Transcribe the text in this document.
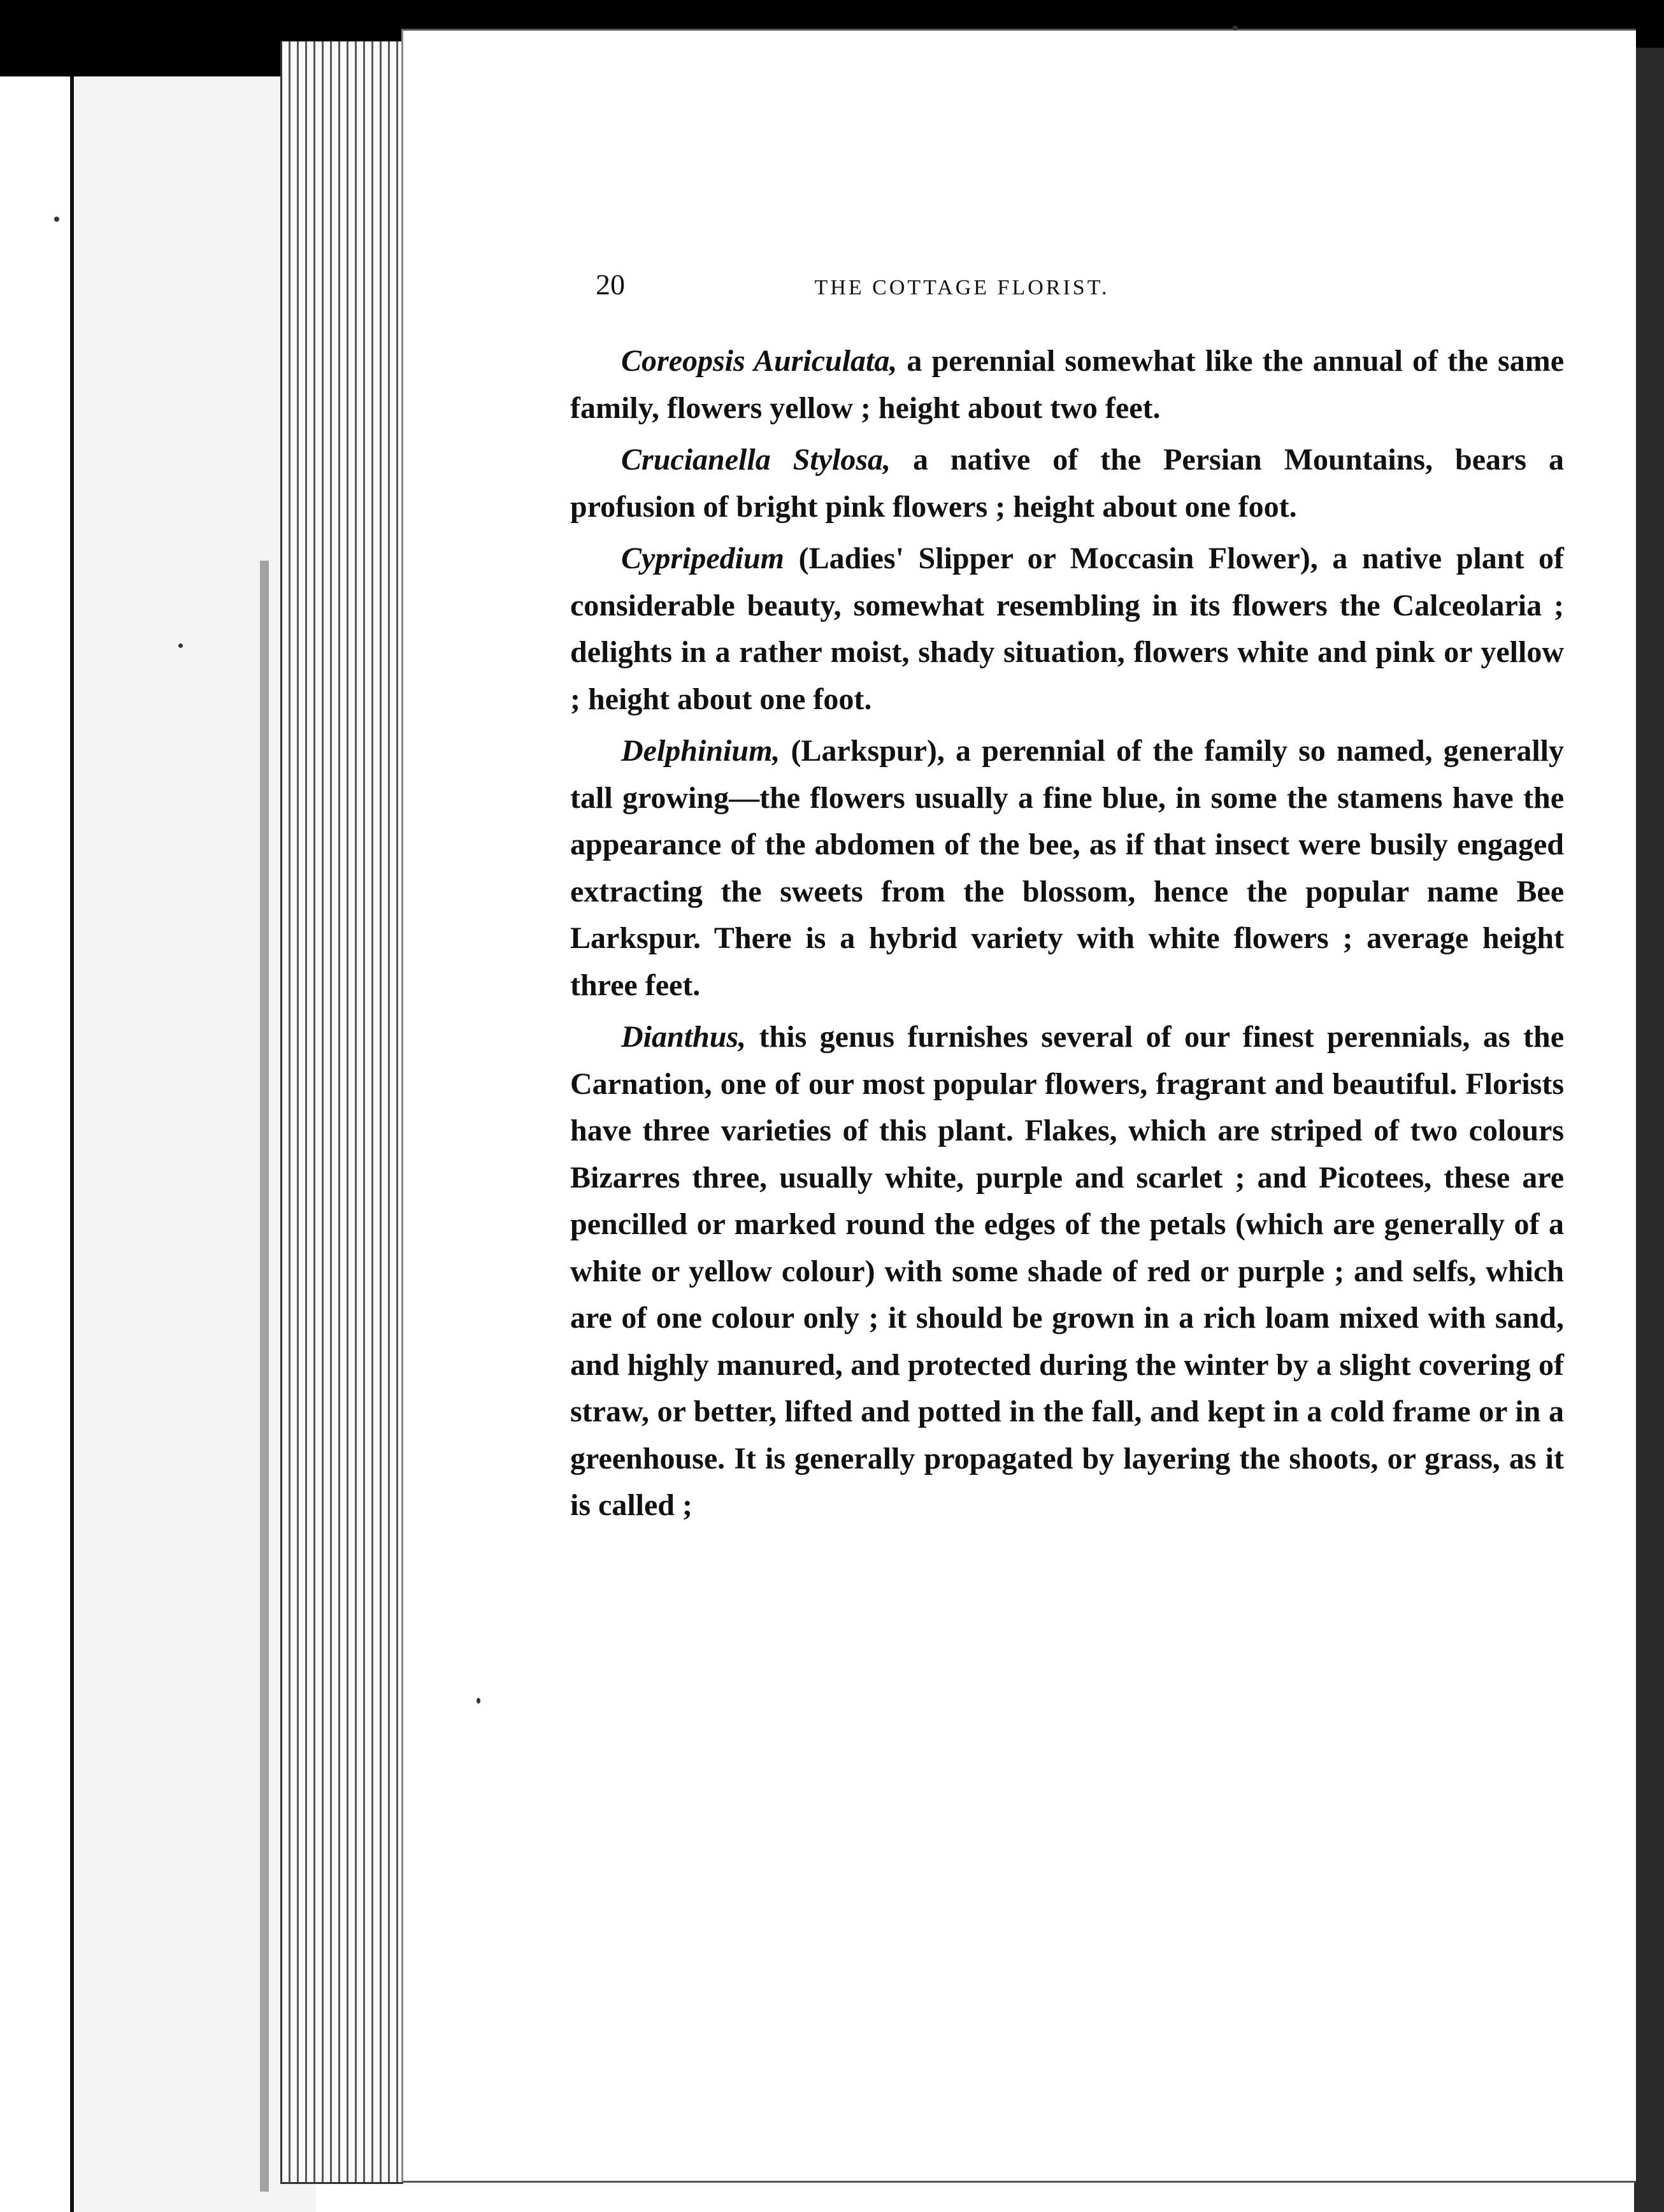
20	THE COTTAGE FLORIST.

Coreopsis Auriculata, a perennial somewhat like the annual of the same family, flowers yellow ; height about two feet.

Crucianella Stylosa, a native of the Persian Mountains, bears a profusion of bright pink flowers ; height about one foot.

Cypripedium (Ladies' Slipper or Moccasin Flower), a native plant of considerable beauty, somewhat resembling in its flowers the Calceolaria ; delights in a rather moist, shady situation, flowers white and pink or yellow ; height about one foot.

Delphinium, (Larkspur), a perennial of the family so named, generally tall growing—the flowers usually a fine blue, in some the stamens have the appearance of the abdomen of the bee, as if that insect were busily engaged extracting the sweets from the blossom, hence the popular name Bee Larkspur. There is a hybrid variety with white flowers ; average height three feet.

Dianthus, this genus furnishes several of our finest perennials, as the Carnation, one of our most popular flowers, fragrant and beautiful. Florists have three varieties of this plant. Flakes, which are striped of two colours Bizarres three, usually white, purple and scarlet ; and Picotees, these are pencilled or marked round the edges of the petals (which are generally of a white or yellow colour) with some shade of red or purple ; and selfs, which are of one colour only ; it should be grown in a rich loam mixed with sand, and highly manured, and protected during the winter by a slight covering of straw, or better, lifted and potted in the fall, and kept in a cold frame or in a greenhouse. It is generally propagated by layering the shoots, or grass, as it is called ;
